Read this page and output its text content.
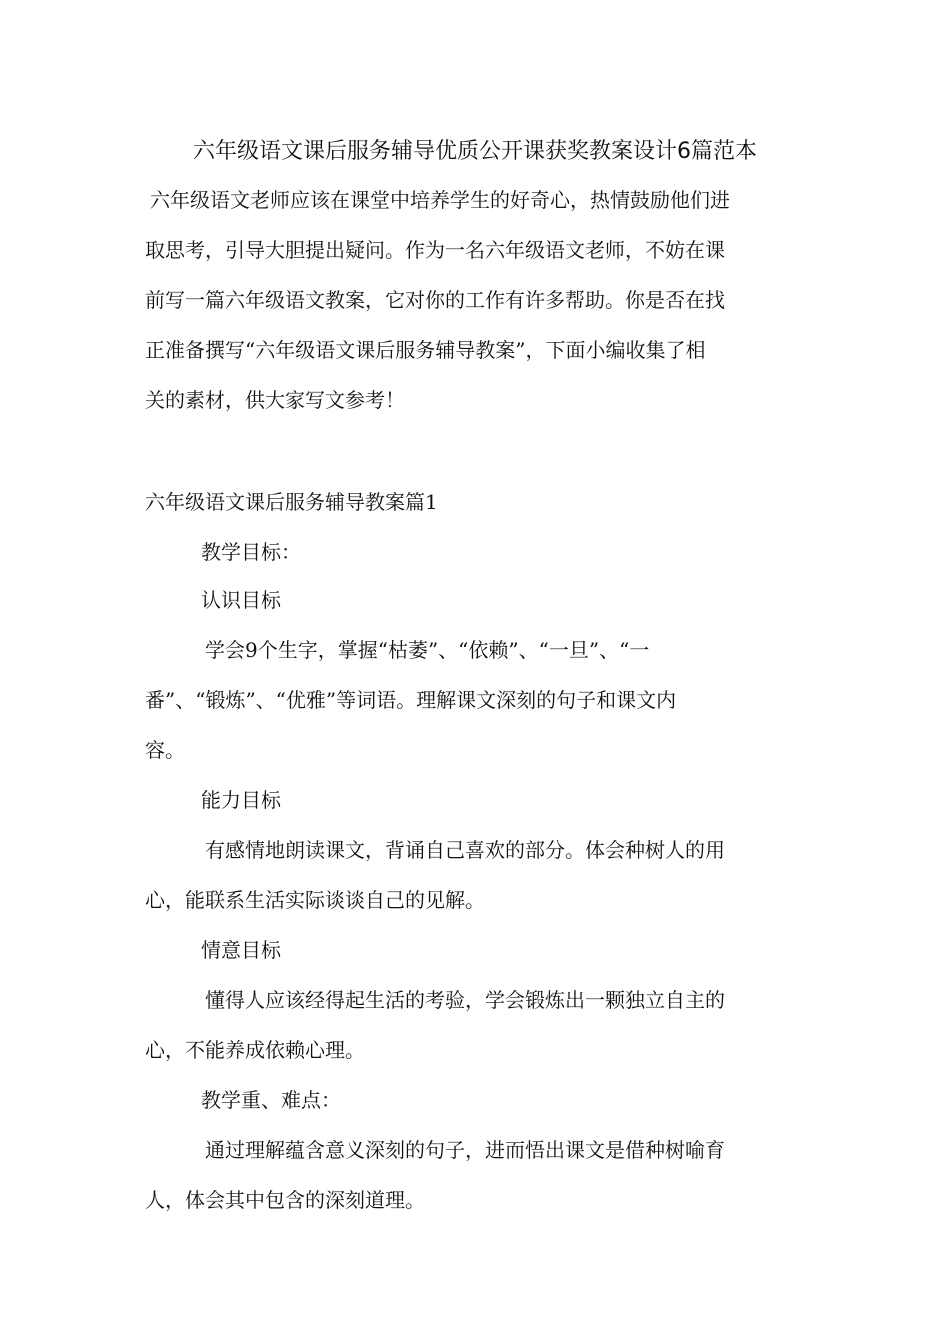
六年级语文课后服务辅导优质公开课获奖教案设计6篇范本
六年级语文老师应该在课堂中培养学生的好奇心，热情鼓励他们进
取思考，引导大胆提出疑问。作为一名六年级语文老师，不妨在课
前写一篇六年级语文教案，它对你的工作有许多帮助。你是否在找
正准备撰写“六年级语文课后服务辅导教案”，下面小编收集了相
关的素材，供大家写文参考！
六年级语文课后服务辅导教案篇1
教学目标：
认识目标
学会9个生字，掌握“枯萎”、“依赖”、“一旦”、“一
番”、“锻炼”、“优雅”等词语。理解课文深刻的句子和课文内
容。
能力目标
有感情地朗读课文，背诵自己喜欢的部分。体会种树人的用
心，能联系生活实际谈谈自己的见解。
情意目标
懂得人应该经得起生活的考验，学会锻炼出一颗独立自主的
心，不能养成依赖心理。
教学重、难点：
通过理解蕴含意义深刻的句子，进而悟出课文是借种树喻育
人，体会其中包含的深刻道理。
